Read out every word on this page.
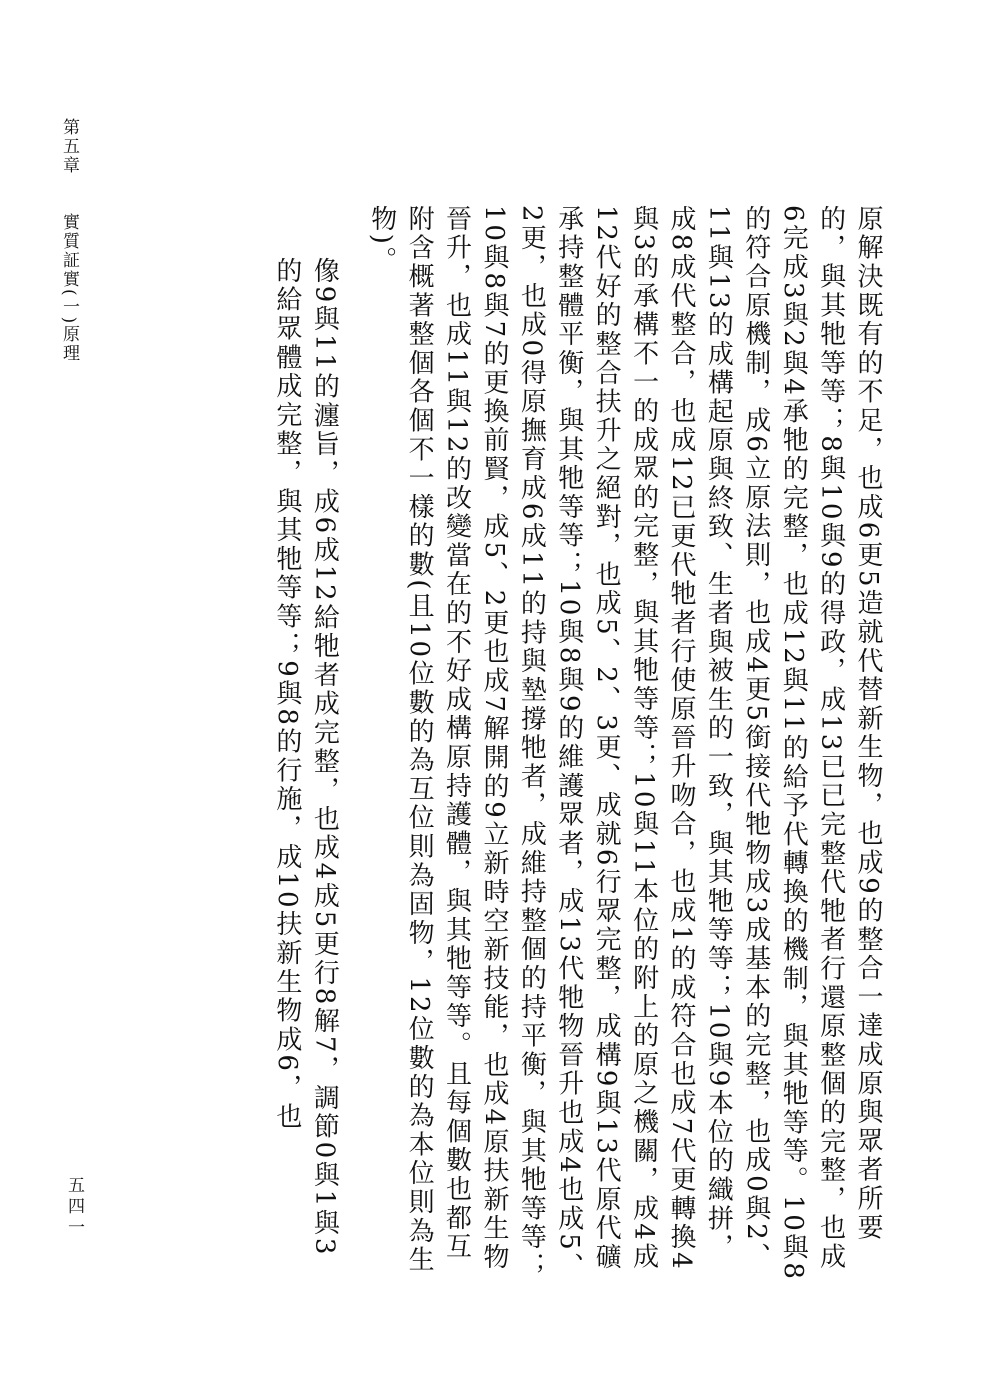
第五章　　實質証實(一)原理
五四一	原解決既有的不足，也成6更5造就代替新生物，也成9的整合一達成原與眾者所要的，與其牠等等；8與10與9的得政，成13已已完整代牠者行還原整個的完整，也成6完成3與2與4承牠的完整，也成12與11的給予代轉換的機制，與其牠等等。10與8的符合原機制，成6立原法則，也成4更5銜接代牠物成3成基本的完整，也成0與2、11與13的成構起原與終致、生者與被生的一致，與其牠等等；10與9本位的織拼，成8成代整合，也成12已更代牠者行使原晉升吻合，也成1的成符合也成7代更轉換4與3的承構不一的成眾的完整，與其牠等等；10與11本位的附上的原之機關，成4成12代好的整合扶升之絕對，也成5、2、3更、成就6行眾完整，成構9與13代原代礦承持整體平衡，與其牠等等；10與8與9的維護眾者，成13代牠物晉升也成4也成5、2更，也成0得原撫育成6成11的持與墊撐牠者，成維持整個的持平衡，與其牠等等；10與8與7的更換前賢，成5、2更也成7解開的9立新時空新技能，也成4原扶新生物晉升，也成11與12的改變當在的不好成構原持護體，與其牠等等。且每個數也都互附含概著整個各個不一樣的數(且10位數的為互位則為固物，12位數的為本位則為生物)。

像9與11的瀍旨，成6成12給牠者成完整，也成4成5更行8解7，調節0與1與3的給眾體成完整，與其牠等等；9與8的行施，成10扶新生物成6，也
